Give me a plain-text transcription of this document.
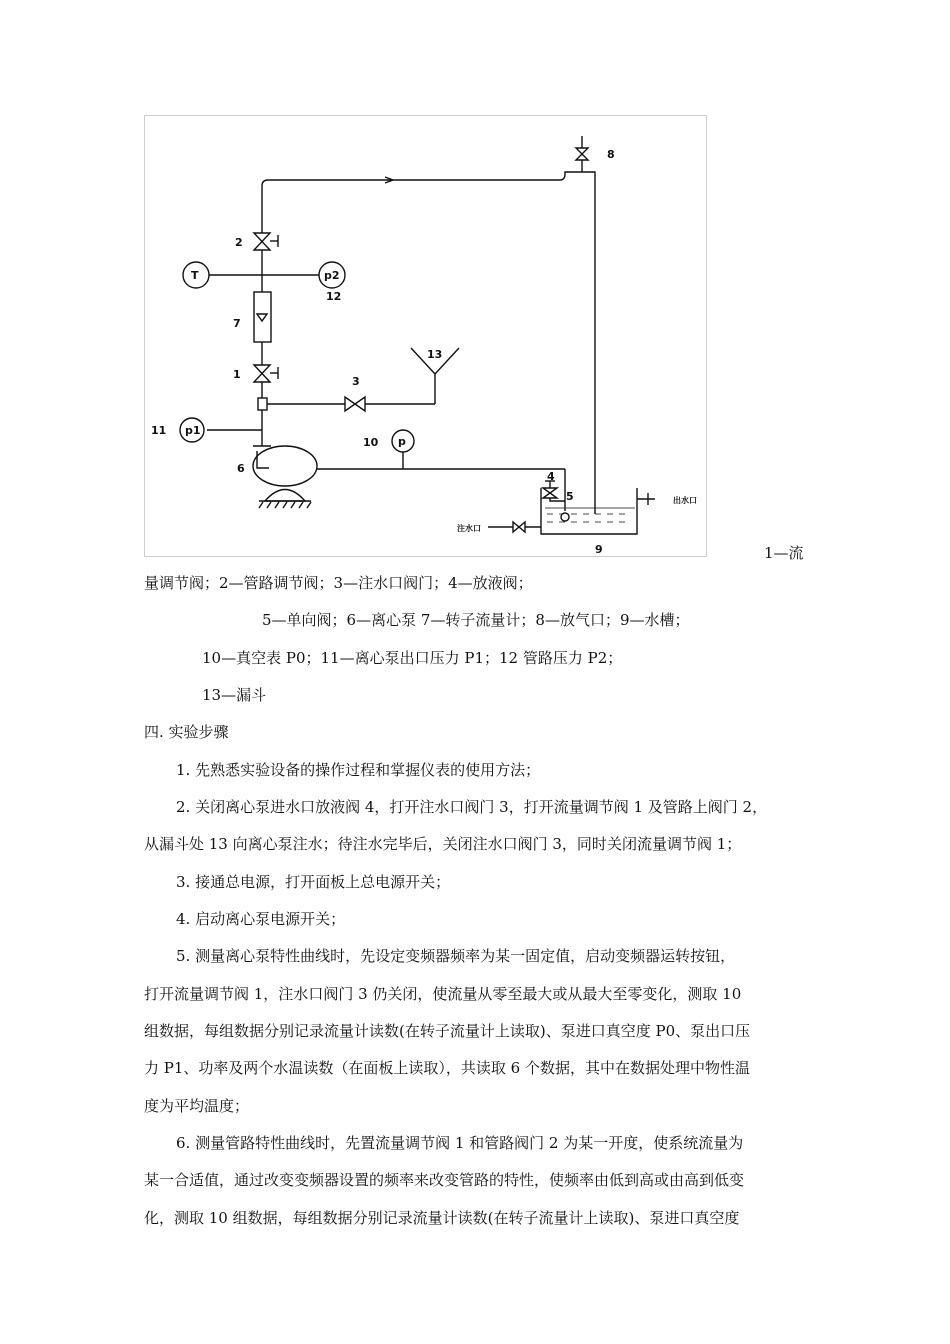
2
T	p2
12
7
1
13
3
11 p1
10 p
6
4
5
8
9
出水口
注水口
1—流
量调节阀；2—管路调节阀；3—注水口阀门；4—放液阀；
5—单向阀；6—离心泵 7—转子流量计；8—放气口；9—水槽；
10—真空表 P0；11—离心泵出口压力 P1；12 管路压力 P2；
13—漏斗
四. 实验步骤
1. 先熟悉实验设备的操作过程和掌握仪表的使用方法；
2. 关闭离心泵进水口放液阀 4，打开注水口阀门 3，打开流量调节阀 1 及管路上阀门 2，
从漏斗处 13 向离心泵注水；待注水完毕后，关闭注水口阀门 3，同时关闭流量调节阀 1；
3. 接通总电源，打开面板上总电源开关；
4. 启动离心泵电源开关；
5. 测量离心泵特性曲线时，先设定变频器频率为某一固定值，启动变频器运转按钮，
打开流量调节阀 1，注水口阀门 3 仍关闭，使流量从零至最大或从最大至零变化，测取 10
组数据，每组数据分别记录流量计读数(在转子流量计上读取)、泵进口真空度 P0、泵出口压
力 P1、功率及两个水温读数（在面板上读取），共读取 6 个数据，其中在数据处理中物性温
度为平均温度；
6. 测量管路特性曲线时，先置流量调节阀 1 和管路阀门 2 为某一开度，使系统流量为
某一合适值，通过改变变频器设置的频率来改变管路的特性，使频率由低到高或由高到低变
化，测取 10 组数据，每组数据分别记录流量计读数(在转子流量计上读取)、泵进口真空度
